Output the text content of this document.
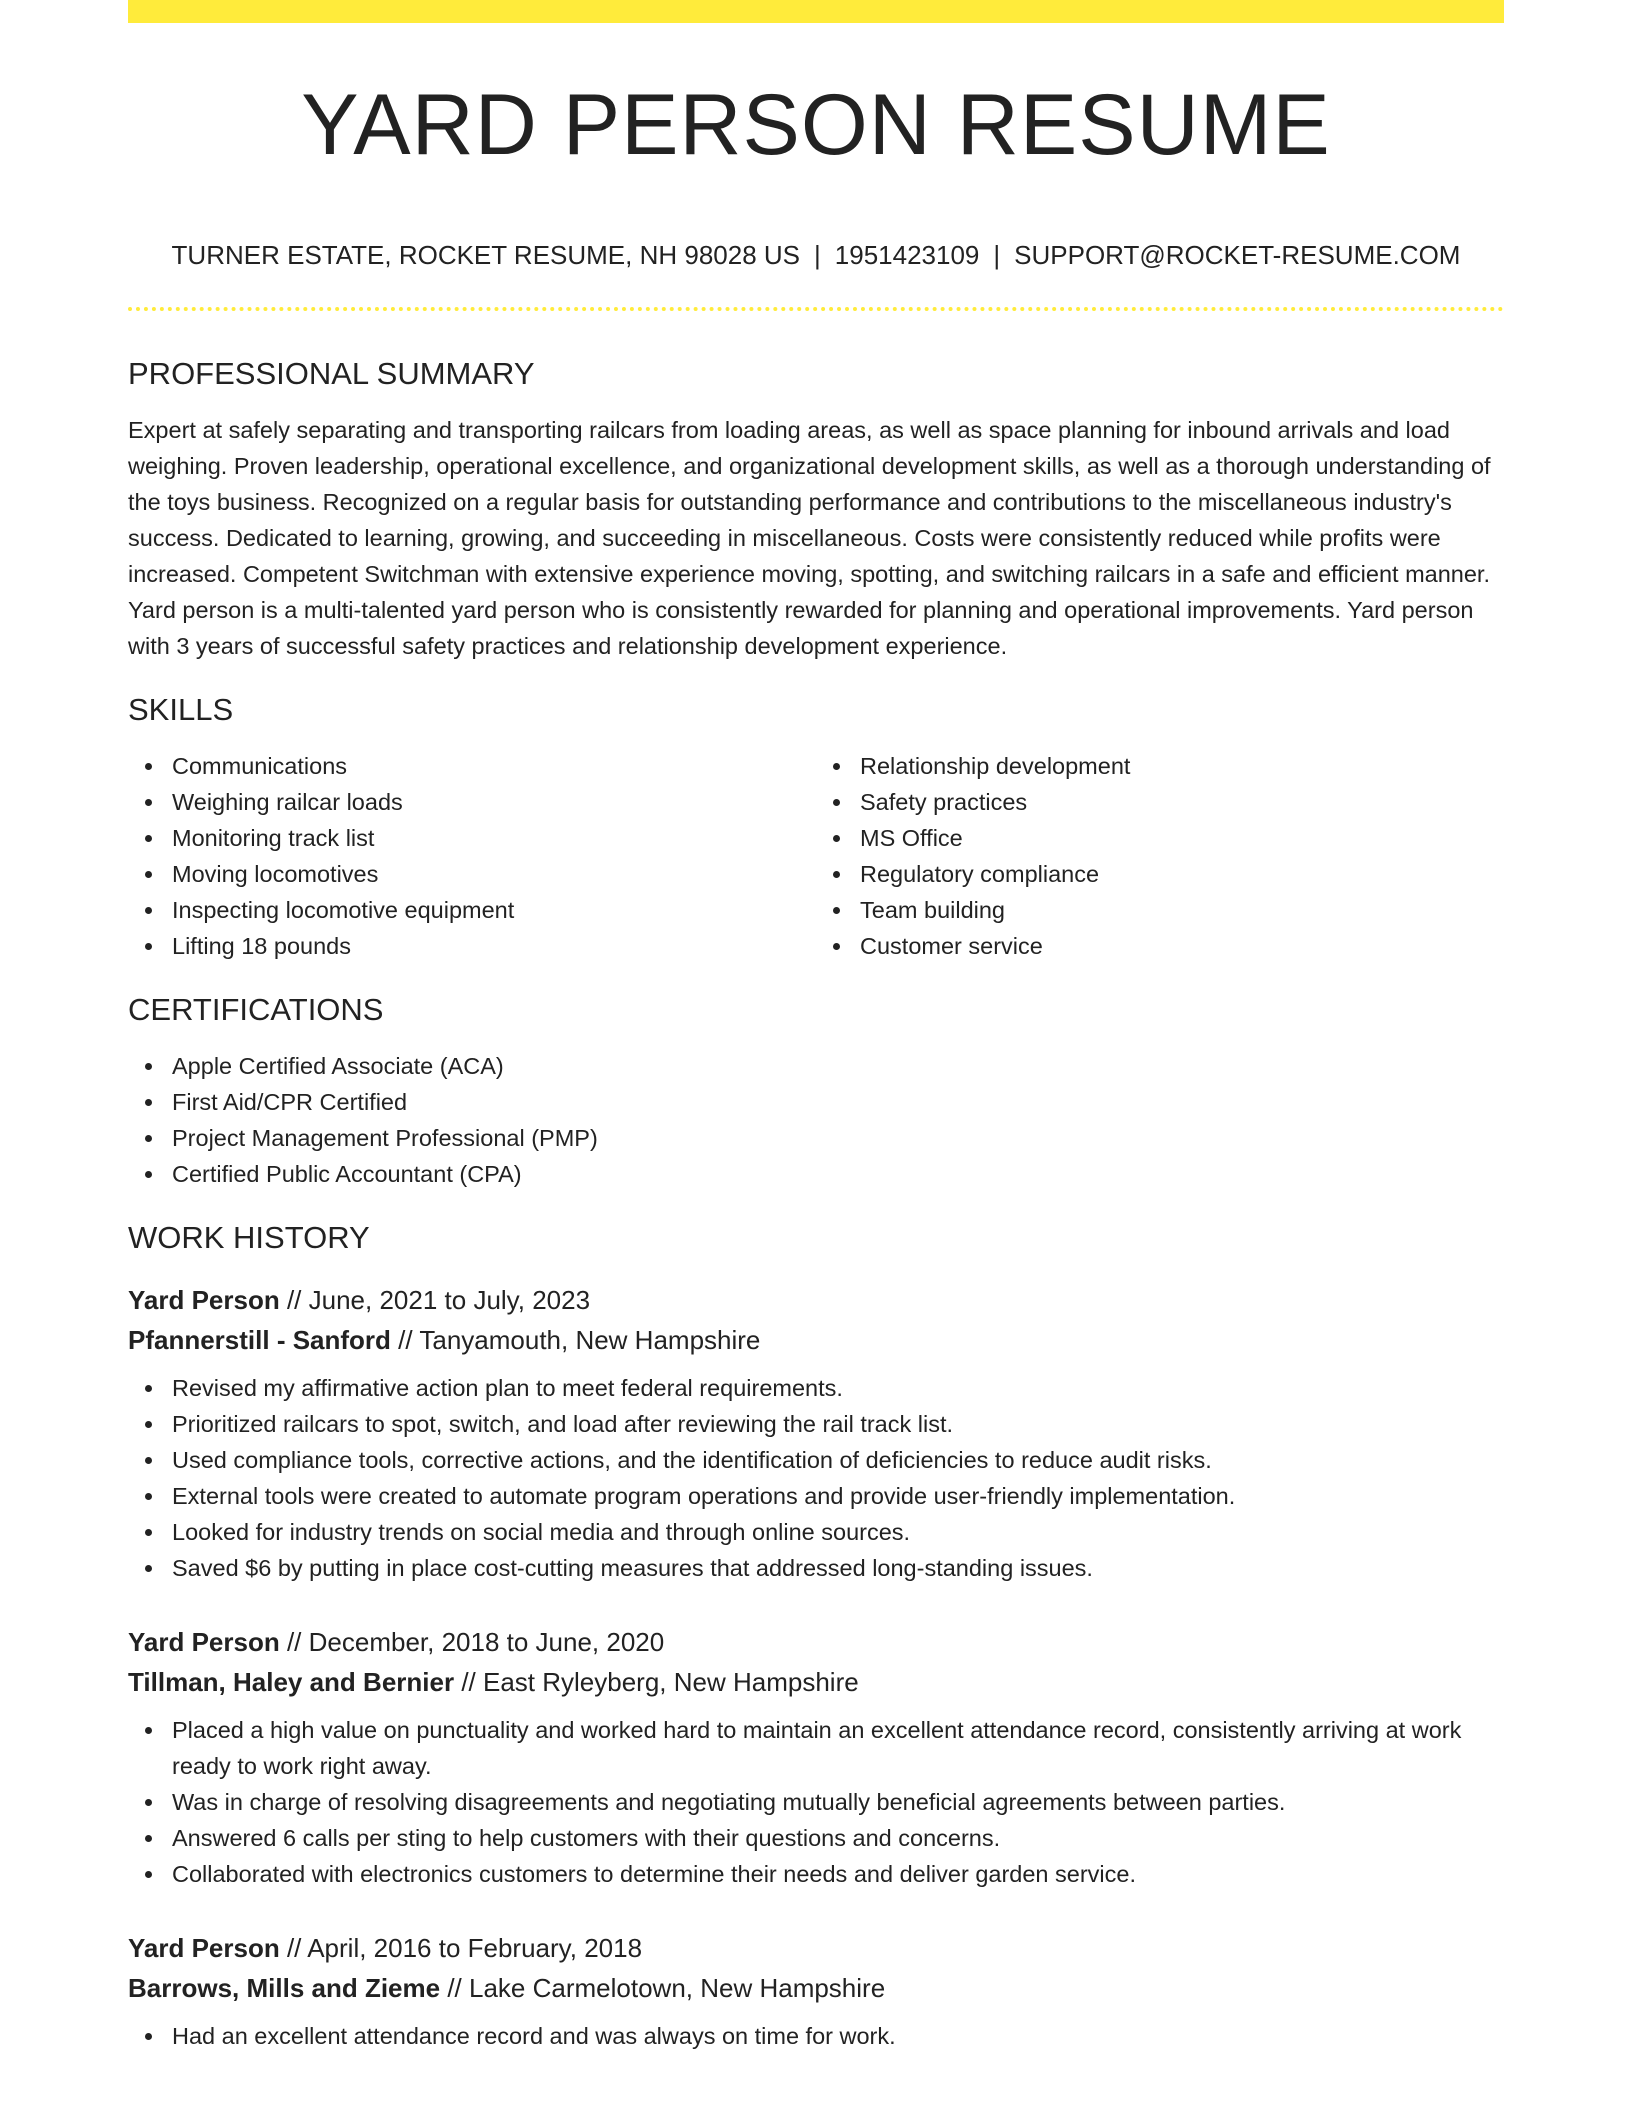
YARD PERSON RESUME
TURNER ESTATE, ROCKET RESUME, NH 98028 US | 1951423109 | SUPPORT@ROCKET-RESUME.COM
PROFESSIONAL SUMMARY

Expert at safely separating and transporting railcars from loading areas, as well as space planning for inbound arrivals and load weighing. Proven leadership, operational excellence, and organizational development skills, as well as a thorough understanding of the toys business. Recognized on a regular basis for outstanding performance and contributions to the miscellaneous industry's success. Dedicated to learning, growing, and succeeding in miscellaneous. Costs were consistently reduced while profits were increased. Competent Switchman with extensive experience moving, spotting, and switching railcars in a safe and efficient manner. Yard person is a multi-talented yard person who is consistently rewarded for planning and operational improvements. Yard person with 3 years of successful safety practices and relationship development experience.

SKILLS
Communications
Weighing railcar loads
Monitoring track list
Moving locomotives
Inspecting locomotive equipment
Lifting 18 pounds
Relationship development
Safety practices
MS Office
Regulatory compliance
Team building
Customer service
CERTIFICATIONS
Apple Certified Associate (ACA)
First Aid/CPR Certified
Project Management Professional (PMP)
Certified Public Accountant (CPA)
WORK HISTORY
Yard Person // June, 2021 to July, 2023
Pfannerstill - Sanford // Tanyamouth, New Hampshire
Revised my affirmative action plan to meet federal requirements.
Prioritized railcars to spot, switch, and load after reviewing the rail track list.
Used compliance tools, corrective actions, and the identification of deficiencies to reduce audit risks.
External tools were created to automate program operations and provide user-friendly implementation.
Looked for industry trends on social media and through online sources.
Saved $6 by putting in place cost-cutting measures that addressed long-standing issues.
Yard Person // December, 2018 to June, 2020
Tillman, Haley and Bernier // East Ryleyberg, New Hampshire
Placed a high value on punctuality and worked hard to maintain an excellent attendance record, consistently arriving at work ready to work right away.
Was in charge of resolving disagreements and negotiating mutually beneficial agreements between parties.
Answered 6 calls per sting to help customers with their questions and concerns.
Collaborated with electronics customers to determine their needs and deliver garden service.
Yard Person // April, 2016 to February, 2018
Barrows, Mills and Zieme // Lake Carmelotown, New Hampshire
Had an excellent attendance record and was always on time for work.
